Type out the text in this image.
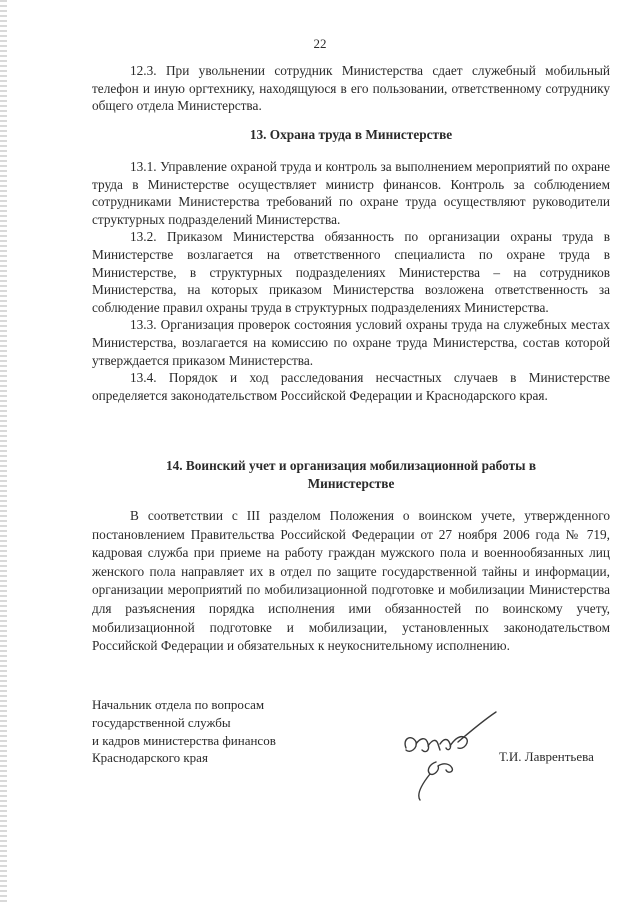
22

12.3. При увольнении сотрудник Министерства сдает служебный мобильный телефон и иную оргтехнику, находящуюся в его пользовании, ответственному сотруднику общего отдела Министерства.

13. Охрана труда в Министерстве

13.1. Управление охраной труда и контроль за выполнением мероприятий по охране труда в Министерстве осуществляет министр финансов. Контроль за соблюдением сотрудниками Министерства требований по охране труда осуществляют руководители структурных подразделений Министерства.

13.2. Приказом Министерства обязанность по организации охраны труда в Министерстве возлагается на ответственного специалиста по охране труда в Министерстве, в структурных подразделениях Министерства – на сотрудников Министерства, на которых приказом Министерства возложена ответственность за соблюдение правил охраны труда в структурных подразделениях Министерства.

13.3. Организация проверок состояния условий охраны труда на служебных местах Министерства, возлагается на комиссию по охране труда Министерства, состав которой утверждается приказом Министерства.

13.4. Порядок и ход расследования несчастных случаев в Министерстве определяется законодательством Российской Федерации и Краснодарского края.

14. Воинский учет и организация мобилизационной работы в
Министерстве

В соответствии с III разделом Положения о воинском учете, утвержденного постановлением Правительства Российской Федерации от 27 ноября 2006 года № 719, кадровая служба при приеме на работу граждан мужского пола и военнообязанных лиц женского пола направляет их в отдел по защите государственной тайны и информации, организации мероприятий по мобилизационной подготовке и мобилизации Министерства для разъяснения порядка исполнения ими обязанностей по воинскому учету, мобилизационной подготовке и мобилизации, установленных законодательством Российской Федерации и обязательных к неукоснительному исполнению.

Начальник отдела по вопросам
государственной службы
и кадров министерства финансов
Краснодарского края	Т.И. Лаврентьева
